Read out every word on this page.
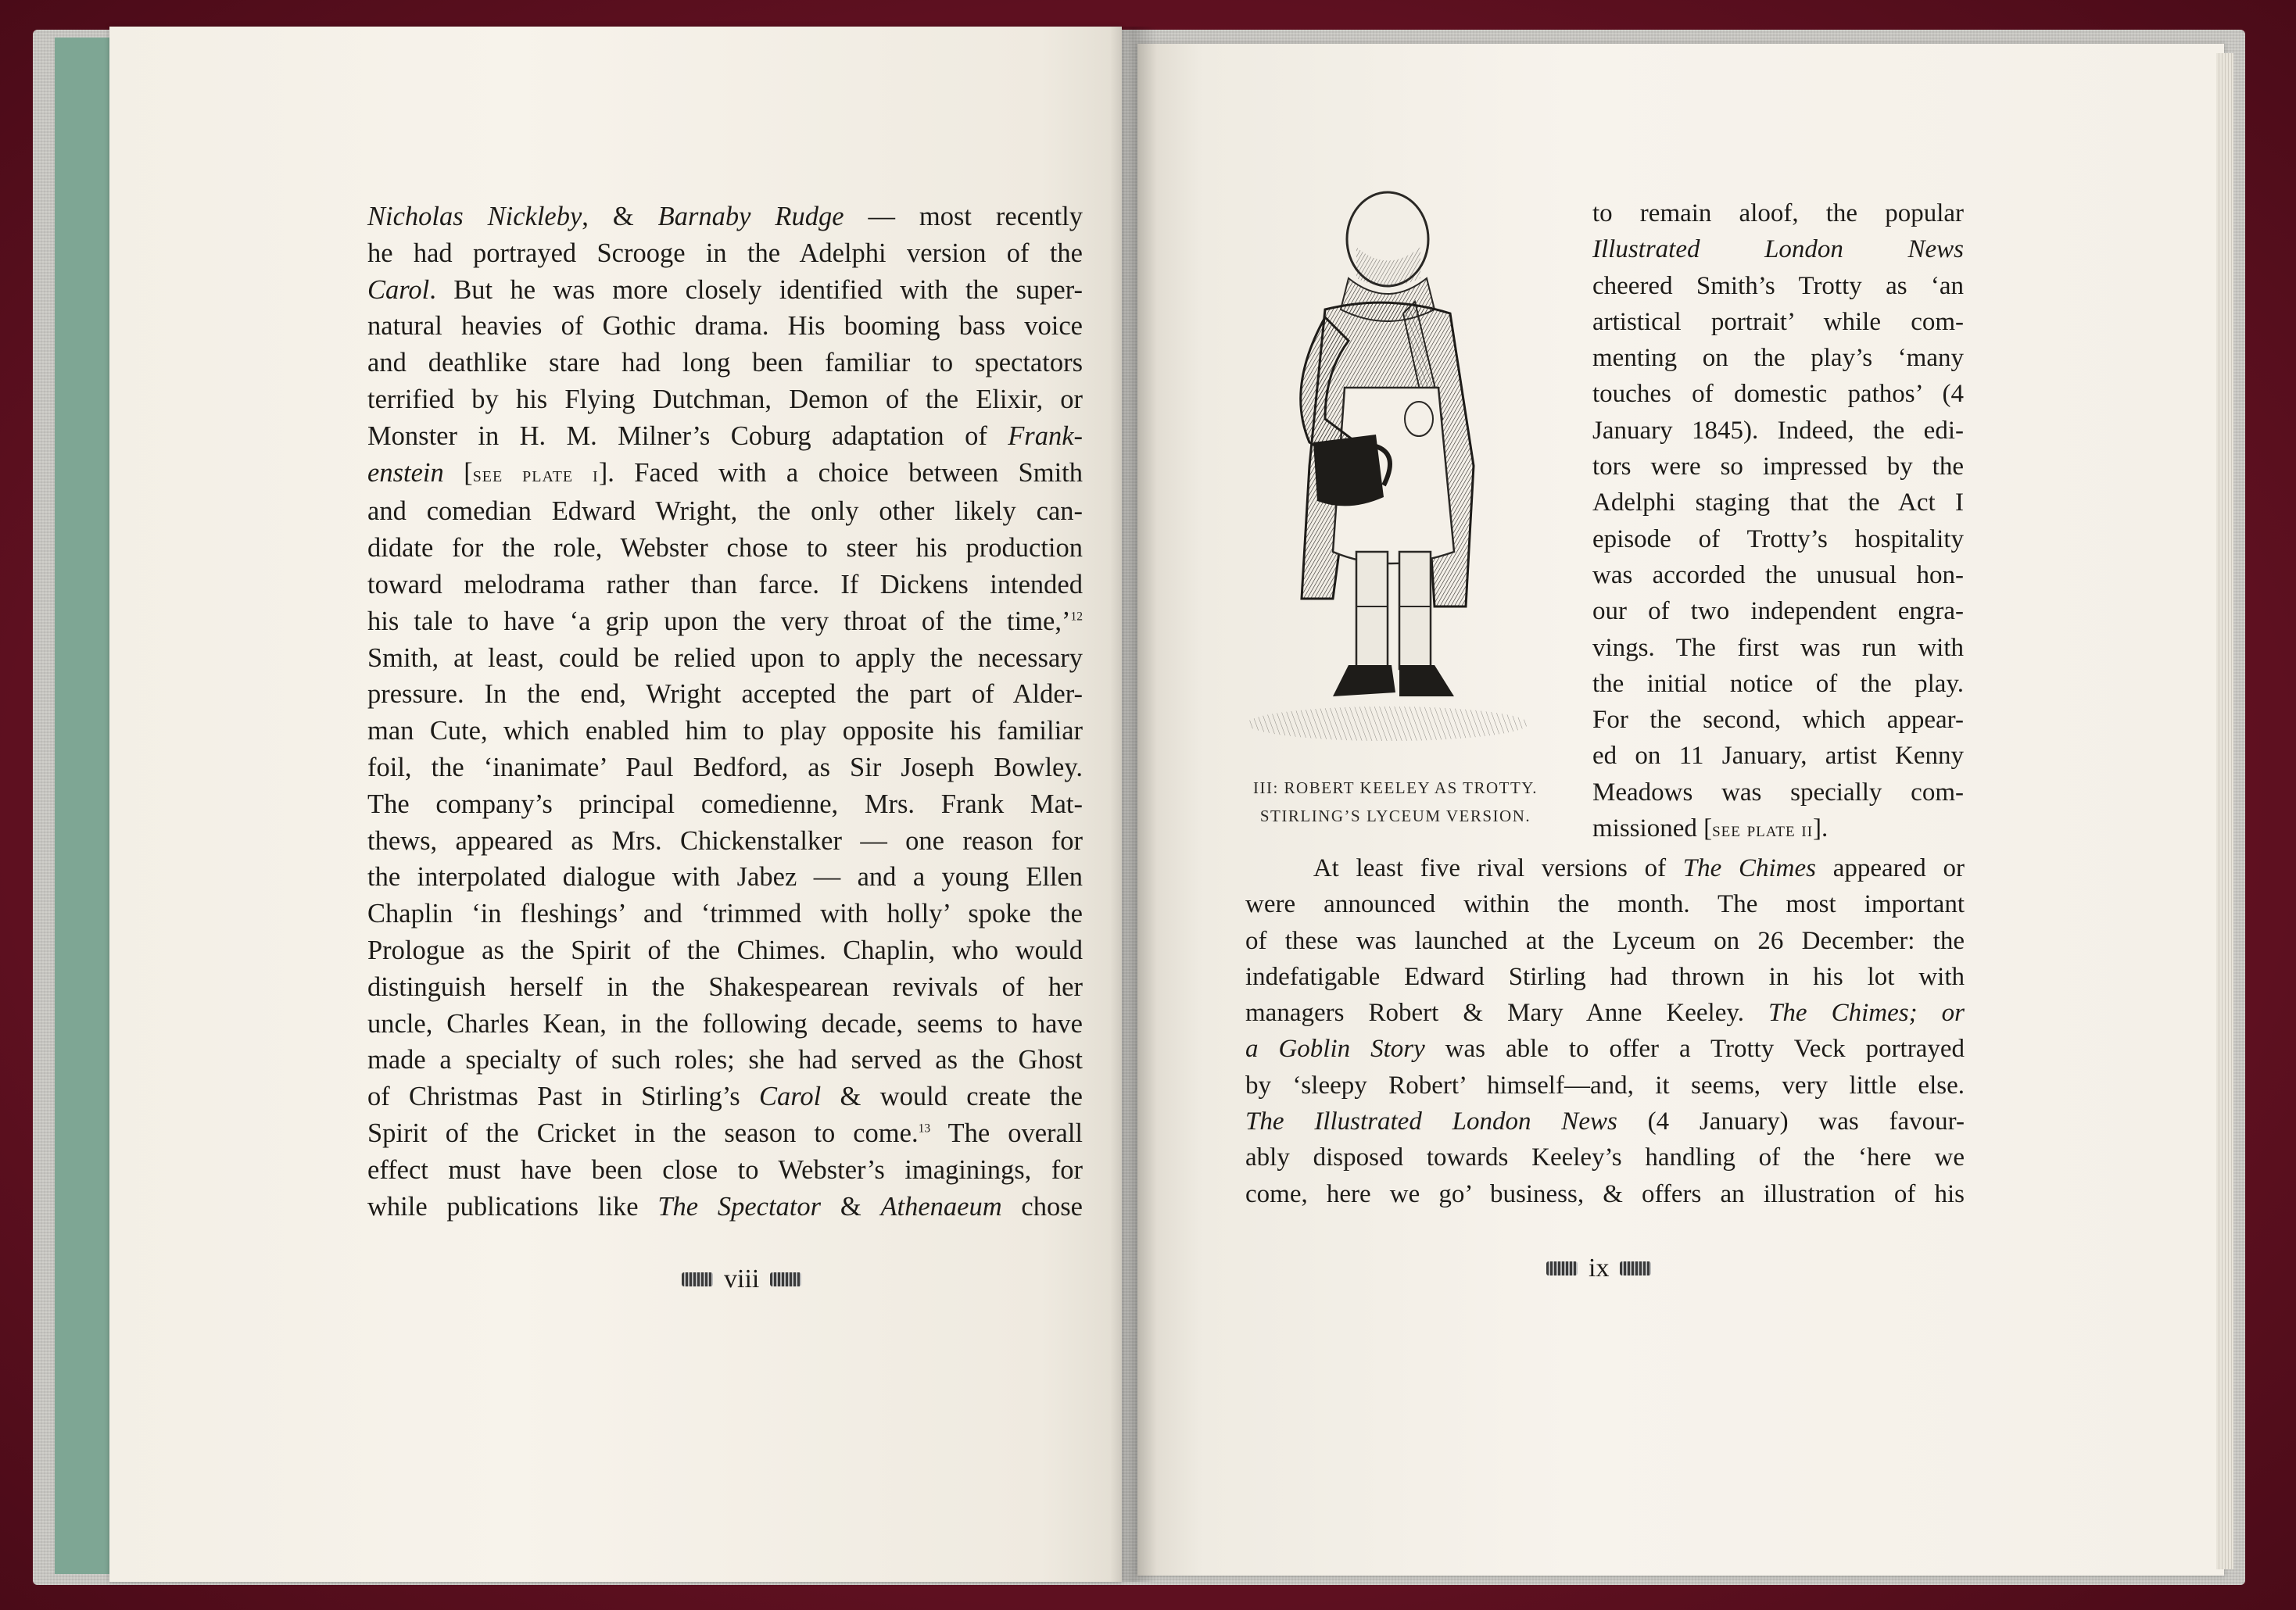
Nicholas Nickleby, & Barnaby Rudge — most recently
he had portrayed Scrooge in the Adelphi version of the
Carol. But he was more closely identified with the super-
natural heavies of Gothic drama. His booming bass voice
and deathlike stare had long been familiar to spectators
terrified by his Flying Dutchman, Demon of the Elixir, or
Monster in H. M. Milner’s Coburg adaptation of Frank-
enstein [see plate i]. Faced with a choice between Smith
and comedian Edward Wright, the only other likely can-
didate for the role, Webster chose to steer his production
toward melodrama rather than farce. If Dickens intended
his tale to have ‘a grip upon the very throat of the time,’$^{12}$
Smith, at least, could be relied upon to apply the necessary
pressure. In the end, Wright accepted the part of Alder-
man Cute, which enabled him to play opposite his familiar
foil, the ‘inanimate’ Paul Bedford, as Sir Joseph Bowley.
The company’s principal comedienne, Mrs. Frank Mat-
thews, appeared as Mrs. Chickenstalker — one reason for
the interpolated dialogue with Jabez — and a young Ellen
Chaplin ‘in fleshings’ and ‘trimmed with holly’ spoke the
Prologue as the Spirit of the Chimes. Chaplin, who would
distinguish herself in the Shakespearean revivals of her
uncle, Charles Kean, in the following decade, seems to have
made a specialty of such roles; she had served as the Ghost
of Christmas Past in Stirling’s Carol & would create the
Spirit of the Cricket in the season to come.$^{13}$ The overall
effect must have been close to Webster’s imaginings, for
while publications like The Spectator & Athenaeum chose
viii
III: ROBERT KEELEY AS TROTTY.
STIRLING’S LYCEUM VERSION.
to remain aloof, the popular
Illustrated London News
cheered Smith’s Trotty as ‘an
artistical portrait’ while com-
menting on the play’s ‘many
touches of domestic pathos’ (4
January 1845). Indeed, the edi-
tors were so impressed by the
Adelphi staging that the Act I
episode of Trotty’s hospitality
was accorded the unusual hon-
our of two independent engra-
vings. The first was run with
the initial notice of the play.
For the second, which appear-
ed on 11 January, artist Kenny
Meadows was specially com-
missioned [see plate ii].
At least five rival versions of The Chimes appeared or
were announced within the month. The most important
of these was launched at the Lyceum on 26 December: the
indefatigable Edward Stirling had thrown in his lot with
managers Robert & Mary Anne Keeley. The Chimes; or
a Goblin Story was able to offer a Trotty Veck portrayed
by ‘sleepy Robert’ himself—and, it seems, very little else.
The Illustrated London News (4 January) was favour-
ably disposed towards Keeley’s handling of the ‘here we
come, here we go’ business, & offers an illustration of his
ix
